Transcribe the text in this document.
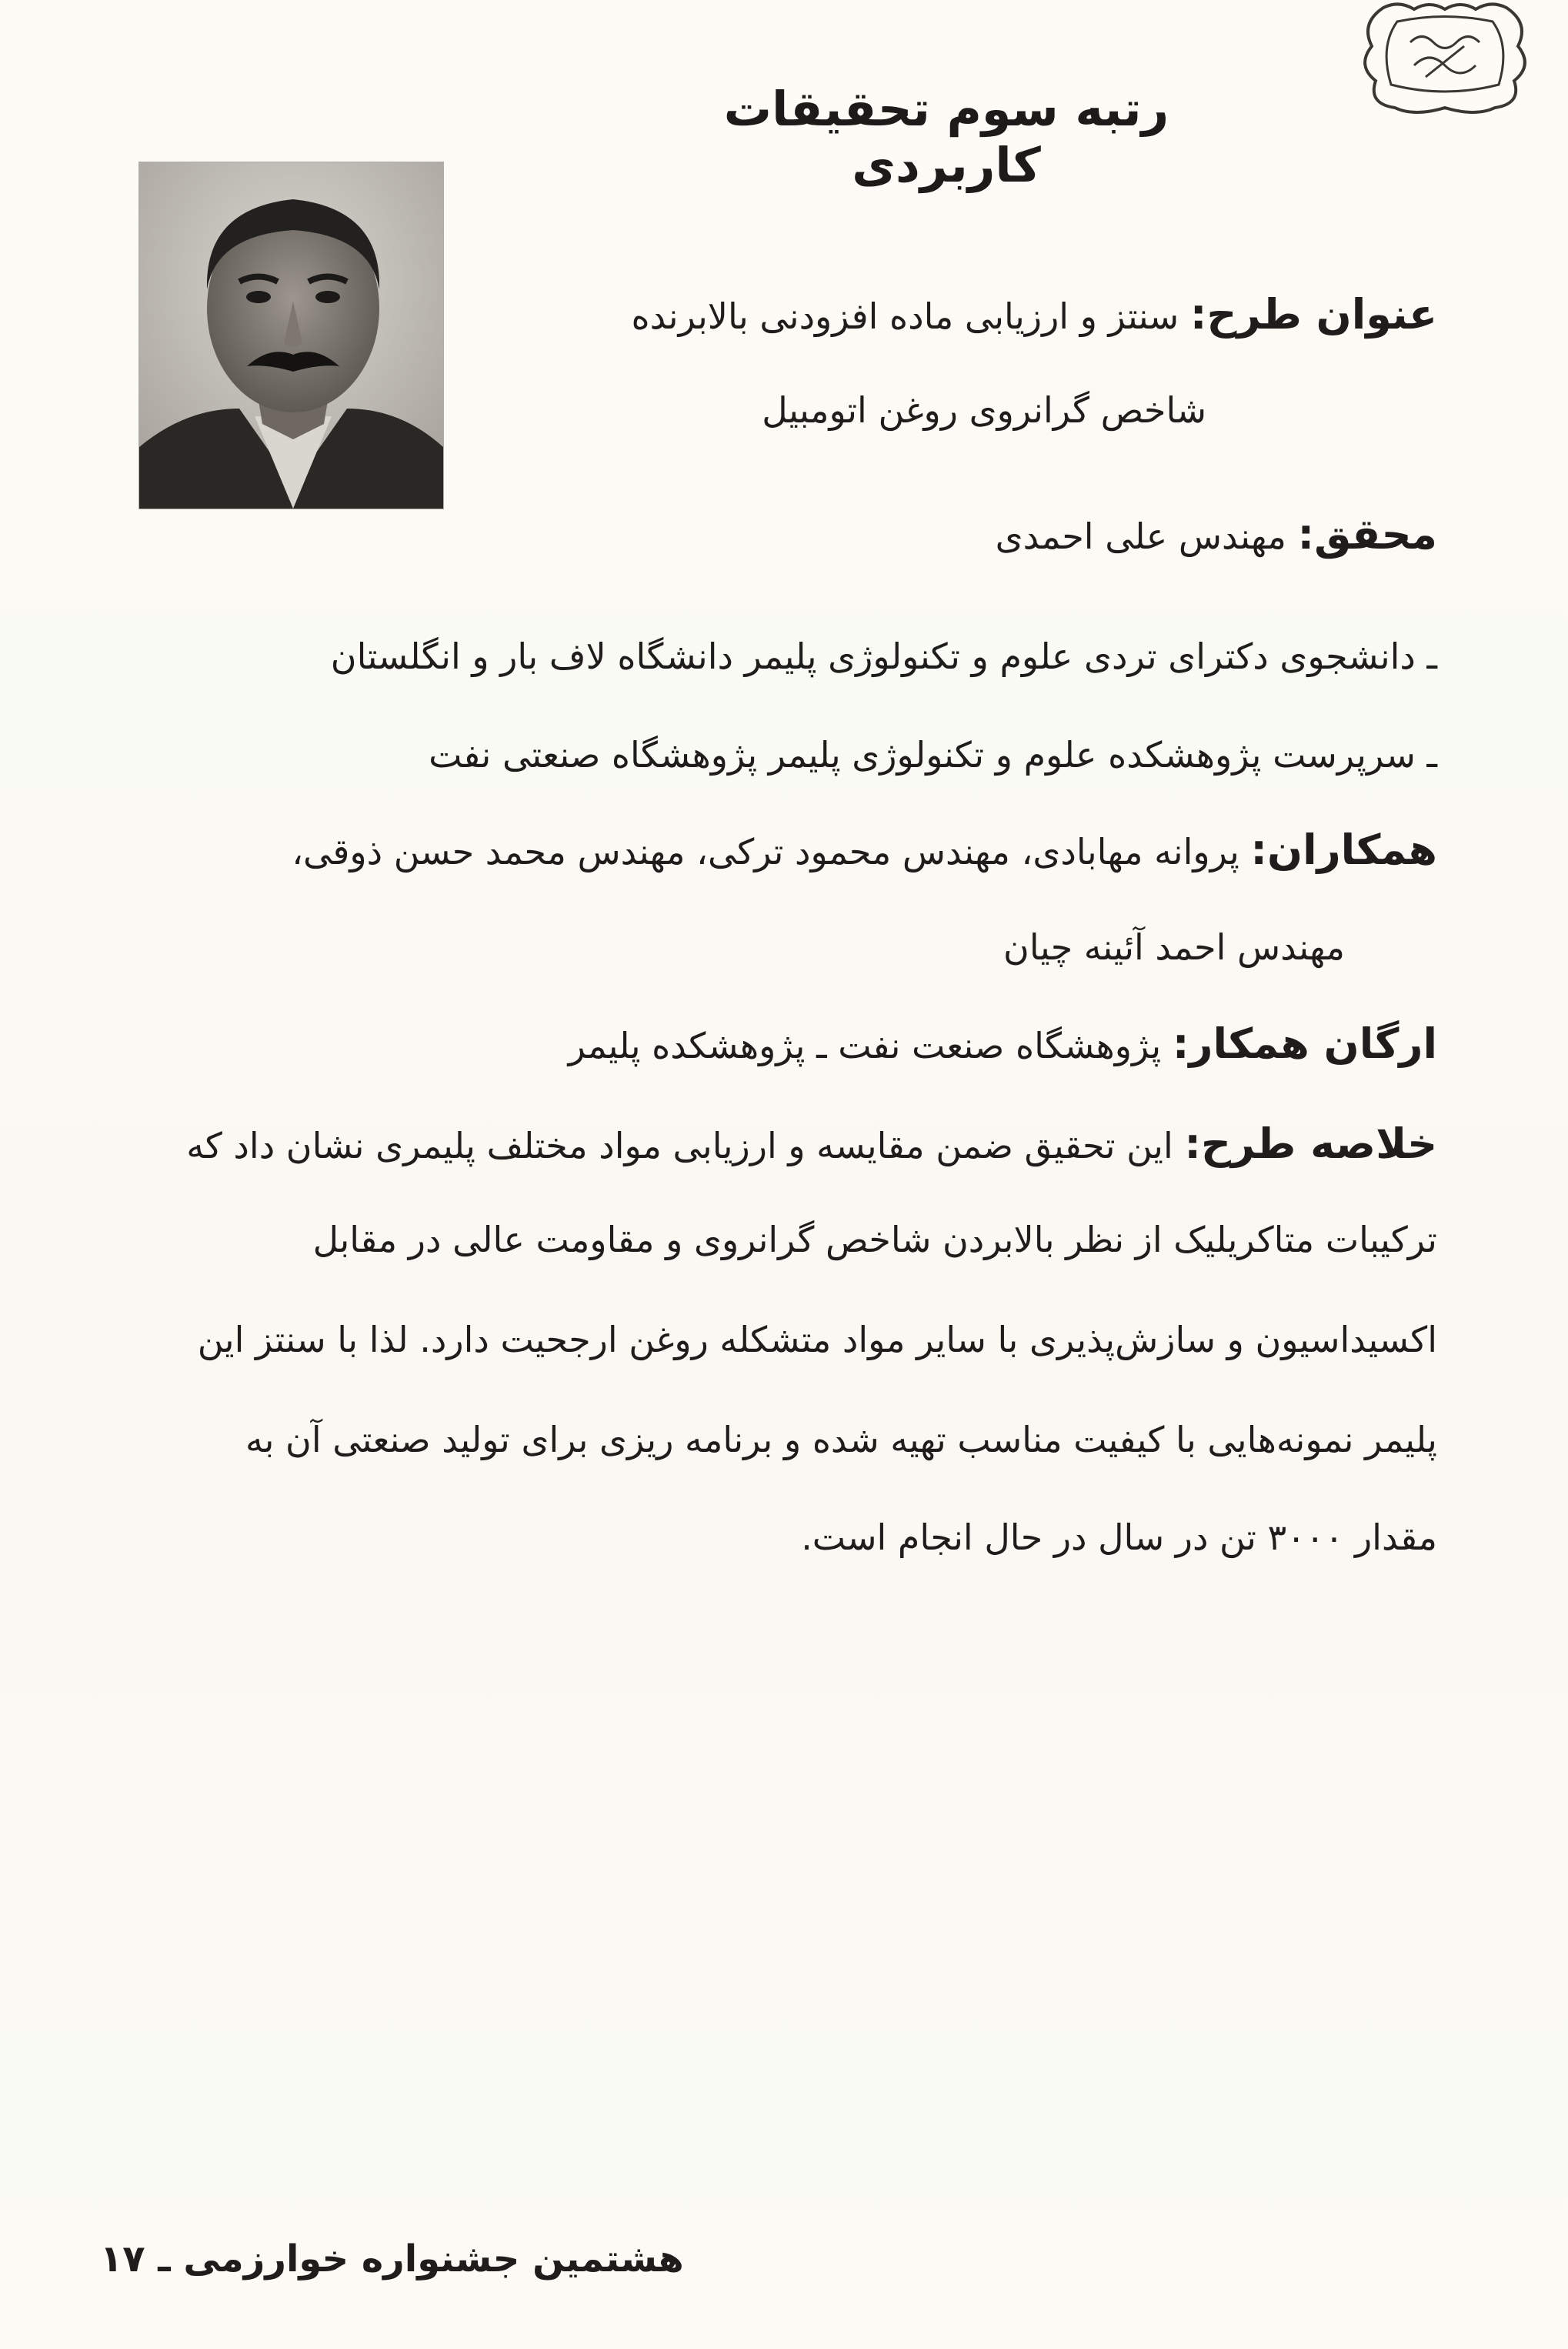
رتبه سوم تحقیقات کاربردی
عنوان طرح: سنتز و ارزیابی ماده افزودنی بالابرنده
شاخص گرانروی روغن اتومبیل
محقق: مهندس علی احمدی
ـ دانشجوی دکترای تردی علوم و تکنولوژی پلیمر دانشگاه لاف بار و انگلستان
ـ سرپرست پژوهشکده علوم و تکنولوژی پلیمر پژوهشگاه صنعتی نفت
همکاران: پروانه مهابادی، مهندس محمود ترکی، مهندس محمد حسن ذوقی،
مهندس احمد آئینه چیان
ارگان همکار: پژوهشگاه صنعت نفت ـ پژوهشکده پلیمر
خلاصه طرح: این تحقیق ضمن مقایسه و ارزیابی مواد مختلف پلیمری نشان داد که
ترکیبات متاکریلیک از نظر بالابردن شاخص گرانروی و مقاومت عالی در مقابل
اکسیداسیون و سازش‌پذیری با سایر مواد متشکله روغن ارجحیت دارد. لذا با سنتز این
پلیمر نمونه‌هایی با کیفیت مناسب تهیه شده و برنامه ریزی برای تولید صنعتی آن به
مقدار ۳۰۰۰ تن در سال در حال انجام است.
هشتمین جشنواره خوارزمی ـ ۱۷
